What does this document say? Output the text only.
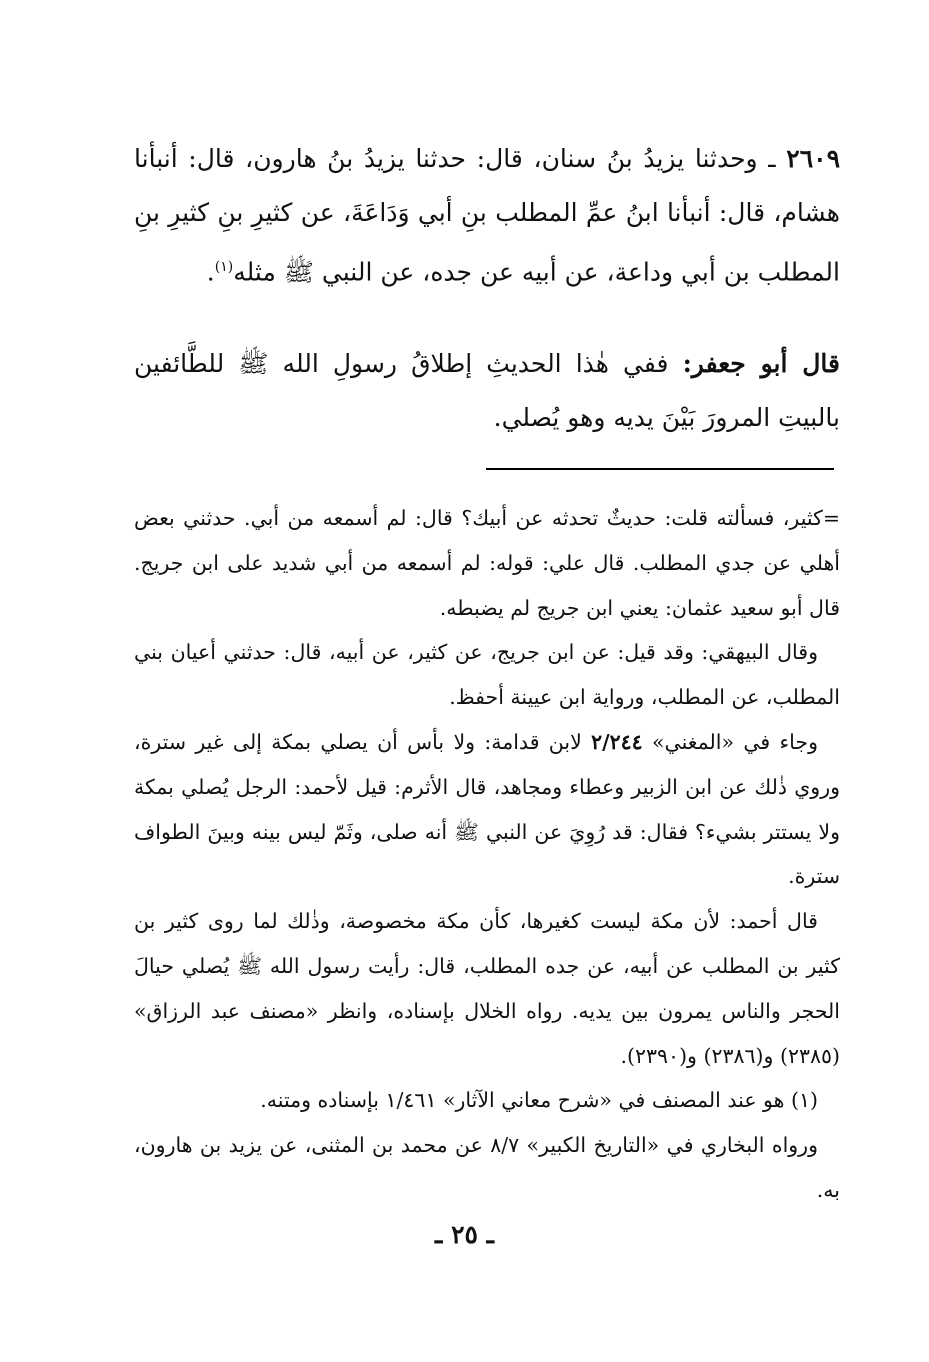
٢٦٠٩ ـ وحدثنا يزيدُ بنُ سنان، قال: حدثنا يزيدُ بنُ هارون، قال: أنبأنا هشام، قال: أنبأنا ابنُ عمِّ المطلب بنِ أبي وَدَاعَةَ، عن كثيرِ بنِ كثيرِ بنِ المطلب بن أبي وداعة، عن أبيه عن جده، عن النبي ﷺ مثله$^{(١)}$.
قال أبو جعفر: ففي هٰذا الحديثِ إطلاقُ رسولِ الله ﷺ للطَّائفين بالبيتِ المرورَ بَيْنَ يديه وهو يُصلي.

=كثير، فسألته قلت: حديثٌ تحدثه عن أبيك؟ قال: لم أسمعه من أبي. حدثني بعض أهلي عن جدي المطلب. قال علي: قوله: لم أسمعه من أبي شديد على ابن جريج. قال أبو سعيد عثمان: يعني ابن جريج لم يضبطه.

وقال البيهقي: وقد قيل: عن ابن جريج، عن كثير، عن أبيه، قال: حدثني أعيان بني المطلب، عن المطلب، ورواية ابن عيينة أحفظ.

وجاء في «المغني» ٢/٢٤٤ لابن قدامة: ولا بأس أن يصلي بمكة إلى غير سترة، وروي ذٰلك عن ابن الزبير وعطاء ومجاهد، قال الأثرم: قيل لأحمد: الرجل يُصلي بمكة ولا يستتر بشيء؟ فقال: قد رُوِيَ عن النبي ﷺ أنه صلى، وثَمّ ليس بينه وبينَ الطواف سترة.

قال أحمد: لأن مكة ليست كغيرها، كأن مكة مخصوصة، وذٰلك لما روى كثير بن كثير بن المطلب عن أبيه، عن جده المطلب، قال: رأيت رسول الله ﷺ يُصلي حيالَ الحجر والناس يمرون بين يديه. رواه الخلال بإسناده، وانظر «مصنف عبد الرزاق» (٢٣٨٥) و(٢٣٨٦) و(٢٣٩٠).

(١) هو عند المصنف في «شرح معاني الآثار» ١/٤٦١ بإسناده ومتنه.

ورواه البخاري في «التاريخ الكبير» ٨/٧ عن محمد بن المثنى، عن يزيد بن هارون، به.

ـ ٢٥ ـ
